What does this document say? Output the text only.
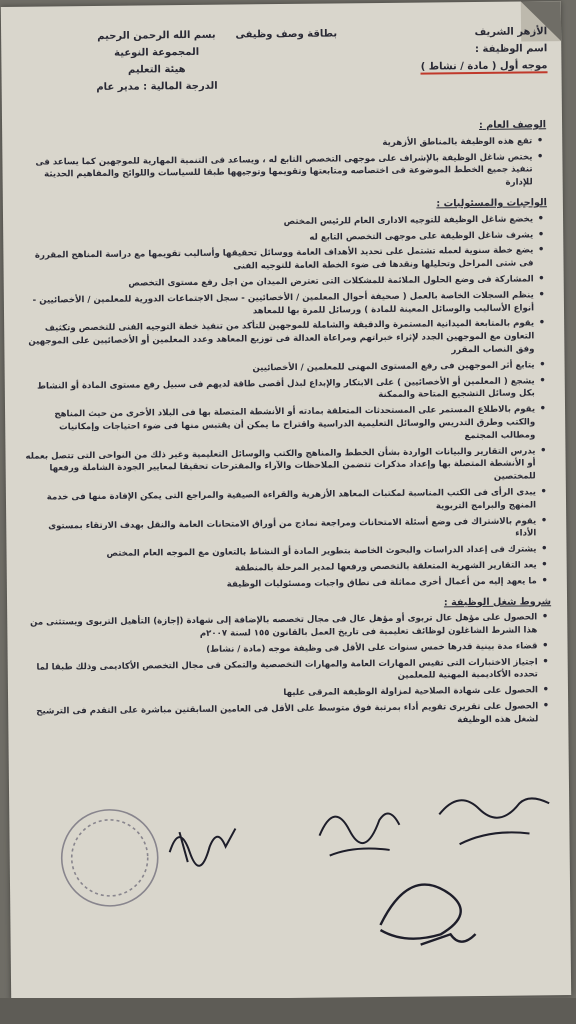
الأزهر الشريف
اسم الوظيفة :
موجه أول ( مادة / نشاط )
بطاقة وصف وظيفى
بسم الله الرحمن الرحيم
المجموعة النوعية
هيئة التعليم
الدرجة المالية : مدير عام
الوصف العام :
• تقع هذه الوظيفة بالمناطق الأزهرية
• يختص شاغل الوظيفة بالإشراف على موجهى التخصص التابع له ، ويساعد فى التنمية المهارية للموجهين كما يساعد فى تنفيذ جميع الخطط الموضوعة فى اختصاصه ومتابعتها وتقويمها وتوجيهها طبقا للسياسات واللوائح والمفاهيم الحديثة للإدارة
الواجبات والمسئوليات :
• يخضع شاغل الوظيفة للتوجيه الادارى العام للرئيس المختص
• يشرف شاغل الوظيفة على موجهى التخصص التابع له
• يضع خطة سنوية لعمله تشتمل على تحديد الأهداف العامة ووسائل تحقيقها وأساليب تقويمها مع دراسة المناهج المقررة فى شتى المراحل وتحليلها ونقدها فى ضوء الخطة العامة للتوجيه الفنى
• المشاركة فى وضع الحلول الملائمة للمشكلات التى تعترض الميدان من اجل رفع مستوى التخصص
• ينظم السجلات الخاصة بالعمل ( صحيفة أحوال المعلمين / الأخصائيين - سجل الاجتماعات الدورية للمعلمين / الأخصائيين - أنواع الأساليب والوسائل المعينة للمادة ) ورسائل للمرة بها للمعاهد
• يقوم بالمتابعة الميدانية المستمرة والدقيقة والشاملة للموجهين للتأكد من تنفيذ خطة التوجيه الفنى للتخصص وتكثيف التعاون مع الموجهين الجدد لإثراء خبراتهم ومراعاة العدالة فى توزيع المعاهد وعدد المعلمين أو الأخصائيين على الموجهين وفق النصاب المقرر
• يتابع أثر الموجهين فى رفع المستوى المهنى للمعلمين / الأخصائيين
• يشجع ( المعلمين أو الأخصائيين ) على الابتكار والإبداع لبذل أقصى طاقة لديهم فى سبيل رفع مستوى المادة أو النشاط بكل وسائل التشجيع المتاحة والممكنة
• يقوم بالاطلاع المستمر على المستحدثات المتعلقة بمادته أو الأنشطة المتصلة بها فى البلاد الأخرى من حيث المناهج والكتب وطرق التدريس والوسائل التعليمية الدراسية واقتراح ما يمكن أن يقتبس منها فى ضوء احتياجات وإمكانيات ومطالب المجتمع
• يدرس التقارير والبيانات الواردة بشأن الخطط والمناهج والكتب والوسائل التعليمية وغير ذلك من النواحى التى تتصل بعمله أو الأنشطة المتصلة بها وإعداد مذكرات تتضمن الملاحظات والآراء والمقترحات تحقيقا لمعايير الجودة الشاملة ورفعها للمختصين
• يبدى الرأى فى الكتب المناسبة لمكتبات المعاهد الأزهرية والقراءة الصيفية والمراجع التى يمكن الإفادة منها فى خدمة المنهج والبرامج التربوية
• يقوم بالاشتراك فى وضع أسئلة الامتحانات ومراجعة نماذج من أوراق الامتحانات العامة والنقل بهدف الارتقاء بمستوى الأداء
• يشترك فى إعداد الدراسات والبحوث الخاصة بتطوير المادة أو النشاط بالتعاون مع الموجه العام المختص
• يعد التقارير الشهرية المتعلقة بالتخصص ورفعها لمدير المرحلة بالمنطقة
• ما يعهد إليه من أعمال أخرى مماثلة فى نطاق واجبات ومسئوليات الوظيفة
شروط شغل الوظيفة :
• الحصول على مؤهل عال تربوى أو مؤهل عال فى مجال تخصصه بالإضافة إلى شهادة (إجازة) التأهيل التربوى ويستثنى من هذا الشرط الشاغلون لوظائف تعليمية فى تاريخ العمل بالقانون ١٥٥ لسنة ٢٠٠٧م
• قضاء مدة بينية قدرها خمس سنوات على الأقل فى وظيفة موجه (مادة / نشاط)
• اجتياز الاختبارات التى تقيس المهارات العامة والمهارات التخصصية والتمكن فى مجال التخصص الأكاديمى وذلك طبقا لما تحدده الأكاديمية المهنية للمعلمين
• الحصول على شهادة الصلاحية لمزاولة الوظيفة المرقى عليها
• الحصول على تقريرى تقويم أداء بمرتبة فوق متوسط على الأقل فى العامين السابقتين مباشرة على التقدم فى الترشيح لشغل هذه الوظيفة
